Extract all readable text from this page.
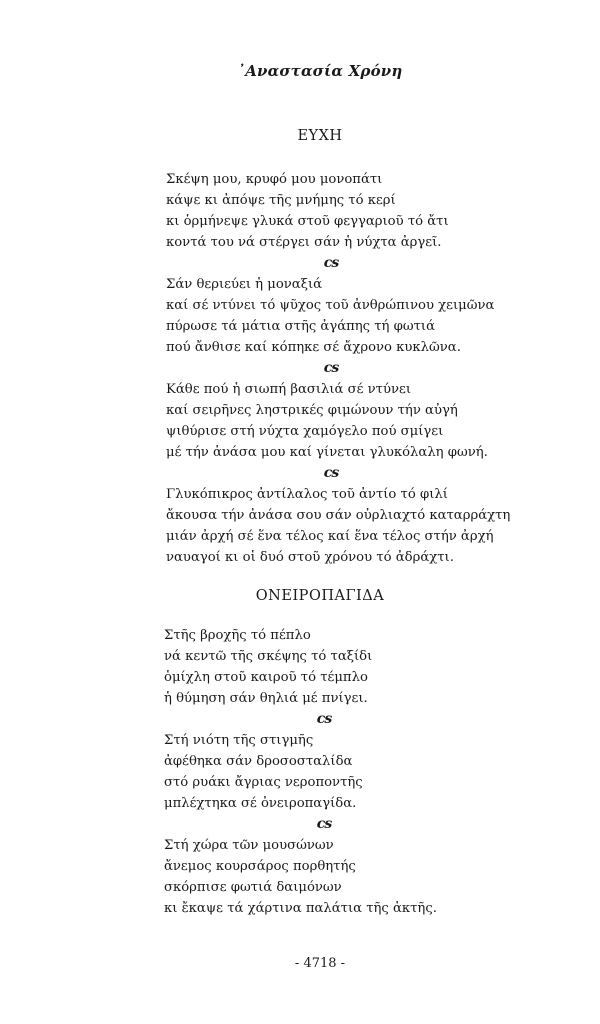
᾿Αναστασία Χρόνη
ΕΥΧΗ
Σκέψη μου, κρυφό μου μονοπάτι
κάψε κι ἀπόψε τῆς μνήμης τό κερί
κι ὁρμήνεψε γλυκά στοῦ φεγγαριοῦ τό ἄτι
κοντά του νά στέργει σάν ἡ νύχτα ἀργεῖ.
cs
Σάν θεριεύει ἡ μοναξιά
καί σέ ντύνει τό ψῦχος τοῦ ἀνθρώπινου χειμῶνα
πύρωσε τά μάτια στῆς ἀγάπης τή φωτιά
πού ἄνθισε καί κόπηκε σέ ἄχρονο κυκλῶνα.
cs
Κάθε πού ἡ σιωπή βασιλιά σέ ντύνει
καί σειρῆνες ληστρικές φιμώνουν τήν αὐγή
ψιθύρισε στή νύχτα χαμόγελο πού σμίγει
μέ τήν ἀνάσα μου καί γίνεται γλυκόλαλη φωνή.
cs
Γλυκόπικρος ἀντίλαλος τοῦ ἀντίο τό φιλί
ἄκουσα τήν ἀνάσα σου σάν οὐρλιαχτό καταρράχτη
μιάν ἀρχή σέ ἕνα τέλος καί ἕνα τέλος στήν ἀρχή
ναυαγοί κι οἱ δυό στοῦ χρόνου τό ἀδράχτι.
ΟΝΕΙΡΟΠΑΓΙΔΑ
Στῆς βροχῆς τό πέπλο
νά κεντῶ τῆς σκέψης τό ταξίδι
ὁμίχλη στοῦ καιροῦ τό τέμπλο
ἡ θύμηση σάν θηλιά μέ πνίγει.
cs
Στή νιότη τῆς στιγμῆς
ἀφέθηκα σάν δροσοσταλίδα
στό ρυάκι ἄγριας νεροποντῆς
μπλέχτηκα σέ ὀνειροπαγίδα.
cs
Στή χώρα τῶν μουσώνων
ἄνεμος κουρσάρος πορθητής
σκόρπισε φωτιά δαιμόνων
κι ἔκαψε τά χάρτινα παλάτια τῆς ἀκτῆς.
- 4718 -
